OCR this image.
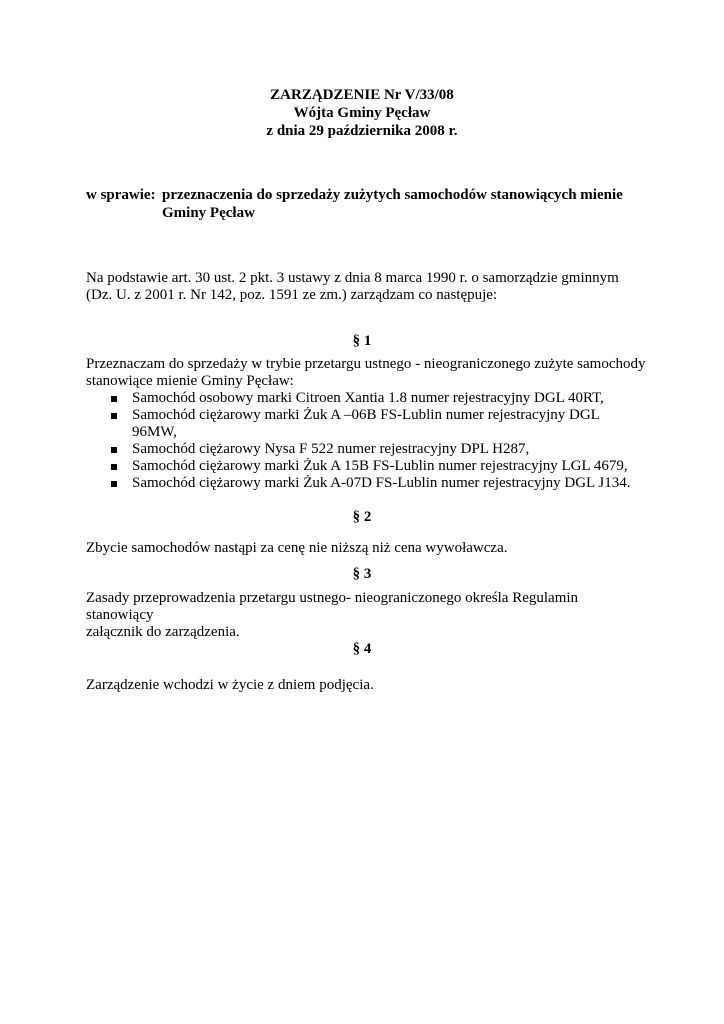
ZARZĄDZENIE Nr V/33/08
Wójta Gminy Pęcław
z dnia 29 października 2008 r.
w sprawie: przeznaczenia do sprzedaży zużytych samochodów stanowiących mienie
Gminy Pęcław
Na podstawie art. 30 ust. 2 pkt. 3 ustawy z dnia 8 marca 1990 r. o samorządzie gminnym
(Dz. U. z 2001 r. Nr 142, poz. 1591 ze zm.) zarządzam co następuje:
§ 1
Przeznaczam do sprzedaży w trybie przetargu ustnego - nieograniczonego zużyte samochody
stanowiące mienie Gminy Pęcław:
Samochód osobowy marki Citroen Xantia 1.8 numer rejestracyjny DGL 40RT,
Samochód ciężarowy marki Żuk A –06B FS-Lublin numer rejestracyjny DGL
96MW,
Samochód ciężarowy Nysa F 522 numer rejestracyjny DPL H287,
Samochód ciężarowy marki Żuk A 15B FS-Lublin numer rejestracyjny LGL 4679,
Samochód ciężarowy marki Żuk A-07D FS-Lublin numer rejestracyjny DGL J134.
§ 2
Zbycie samochodów nastąpi za cenę nie niższą niż cena wywoławcza.
§ 3
Zasady przeprowadzenia przetargu ustnego- nieograniczonego określa Regulamin stanowiący
załącznik do zarządzenia.
§ 4
Zarządzenie wchodzi w życie z dniem podjęcia.
